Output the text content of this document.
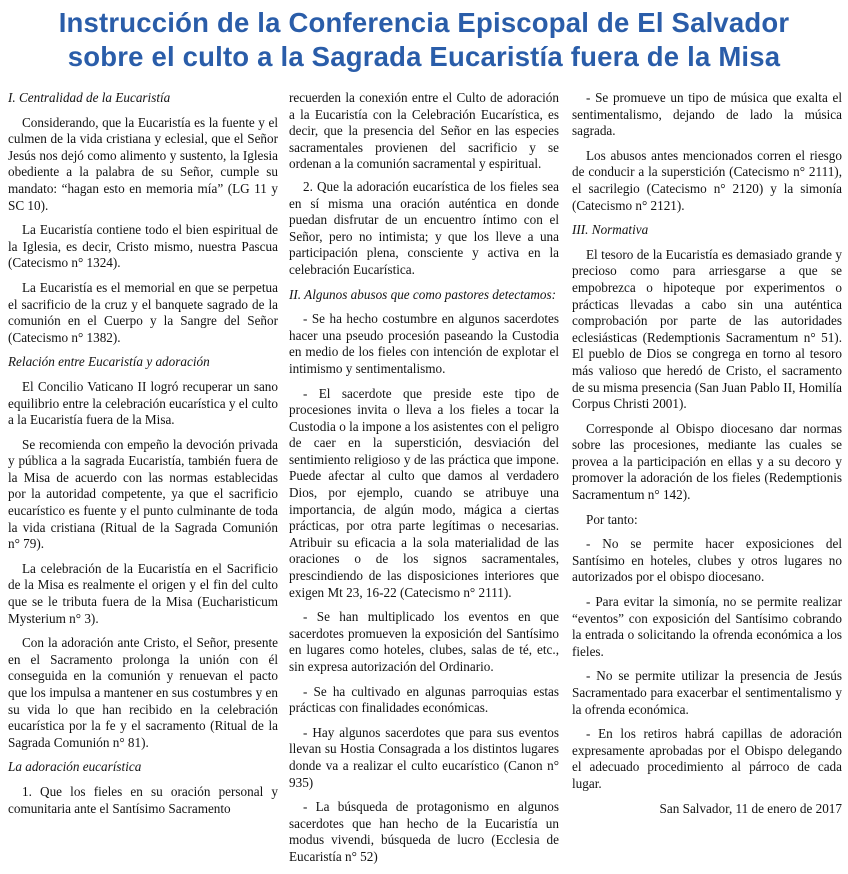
Instrucción de la Conferencia Episcopal de El Salvador
sobre el culto a la Sagrada Eucaristía fuera de la Misa
I. Centralidad de la Eucaristía

Considerando, que la Eucaristía es la fuente y el culmen de la vida cristiana y eclesial, que el Señor Jesús nos dejó como alimento y sustento, la Iglesia obediente a la palabra de su Señor, cumple su mandato: “hagan esto en memoria mía” (LG 11 y SC 10).

La Eucaristía contiene todo el bien espiritual de la Iglesia, es decir, Cristo mismo, nuestra Pascua (Catecismo n° 1324).

La Eucaristía es el memorial en que se perpetua el sacrificio de la cruz y el banquete sagrado de la comunión en el Cuerpo y la Sangre del Señor (Catecismo n° 1382).

Relación entre Eucaristía y adoración

El Concilio Vaticano II logró recuperar un sano equilibrio entre la celebración eucarística y el culto a la Eucaristía fuera de la Misa.

Se recomienda con empeño la devoción privada y pública a la sagrada Eucaristía, también fuera de la Misa de acuerdo con las normas establecidas por la autoridad competente, ya que el sacrificio eucarístico es fuente y el punto culminante de toda la vida cristiana (Ritual de la Sagrada Comunión n° 79).

La celebración de la Eucaristía en el Sacrificio de la Misa es realmente el origen y el fin del culto que se le tributa fuera de la Misa (Eucharisticum Mysterium n° 3).

Con la adoración ante Cristo, el Señor, presente en el Sacramento prolonga la unión con él conseguida en la comunión y renuevan el pacto que los impulsa a mantener en sus costumbres y en su vida lo que han recibido en la celebración eucarística por la fe y el sacramento (Ritual de la Sagrada Comunión n° 81).

La adoración eucarística

1. Que los fieles en su oración personal y comunitaria ante el Santísimo Sacramento

recuerden la conexión entre el Culto de adoración a la Eucaristía con la Celebración Eucarística, es decir, que la presencia del Señor en las especies sacramentales provienen del sacrificio y se ordenan a la comunión sacramental y espiritual.

2. Que la adoración eucarística de los fieles sea en sí misma una oración auténtica en donde puedan disfrutar de un encuentro íntimo con el Señor, pero no intimista; y que los lleve a una participación plena, consciente y activa en la celebración Eucarística.

II. Algunos abusos que como pastores detectamos:

- Se ha hecho costumbre en algunos sacerdotes hacer una pseudo procesión paseando la Custodia en medio de los fieles con intención de explotar el intimismo y sentimentalismo.

- El sacerdote que preside este tipo de procesiones invita o lleva a los fieles a tocar la Custodia o la impone a los asistentes con el peligro de caer en la superstición, desviación del sentimiento religioso y de las práctica que impone. Puede afectar al culto que damos al verdadero Dios, por ejemplo, cuando se atribuye una importancia, de algún modo, mágica a ciertas prácticas, por otra parte legítimas o necesarias. Atribuir su eficacia a la sola materialidad de las oraciones o de los signos sacramentales, prescindiendo de las disposiciones interiores que exigen Mt 23, 16-22 (Catecismo n° 2111).

- Se han multiplicado los eventos en que sacerdotes promueven la exposición del Santísimo en lugares como hoteles, clubes, salas de té, etc., sin expresa autorización del Ordinario.

- Se ha cultivado en algunas parroquias estas prácticas con finalidades económicas.

- Hay algunos sacerdotes que para sus eventos llevan su Hostia Consagrada a los distintos lugares donde va a realizar el culto eucarístico (Canon n° 935)

- La búsqueda de protagonismo en algunos sacerdotes que han hecho de la Eucaristía un modus vivendi, búsqueda de lucro (Ecclesia de Eucaristía n° 52)

- Se promueve un tipo de música que exalta el sentimentalismo, dejando de lado la música sagrada.

Los abusos antes mencionados corren el riesgo de conducir a la superstición (Catecismo n° 2111), el sacrilegio (Catecismo n° 2120) y la simonía (Catecismo n° 2121).

III. Normativa

El tesoro de la Eucaristía es demasiado grande y precioso como para arriesgarse a que se empobrezca o hipoteque por experimentos o prácticas llevadas a cabo sin una auténtica comprobación por parte de las autoridades eclesiásticas (Redemptionis Sacramentum n° 51). El pueblo de Dios se congrega en torno al tesoro más valioso que heredó de Cristo, el sacramento de su misma presencia (San Juan Pablo II, Homilía Corpus Christi 2001).

Corresponde al Obispo diocesano dar normas sobre las procesiones, mediante las cuales se provea a la participación en ellas y a su decoro y promover la adoración de los fieles (Redemptionis Sacramentum n° 142).

Por tanto:

- No se permite hacer exposiciones del Santísimo en hoteles, clubes y otros lugares no autorizados por el obispo diocesano.

- Para evitar la simonía, no se permite realizar “eventos” con exposición del Santísimo cobrando la entrada o solicitando la ofrenda económica a los fieles.

- No se permite utilizar la presencia de Jesús Sacramentado para exacerbar el sentimentalismo y la ofrenda económica.

- En los retiros habrá capillas de adoración expresamente aprobadas por el Obispo delegando el adecuado procedimiento al párroco de cada lugar.

San Salvador, 11 de enero de 2017
